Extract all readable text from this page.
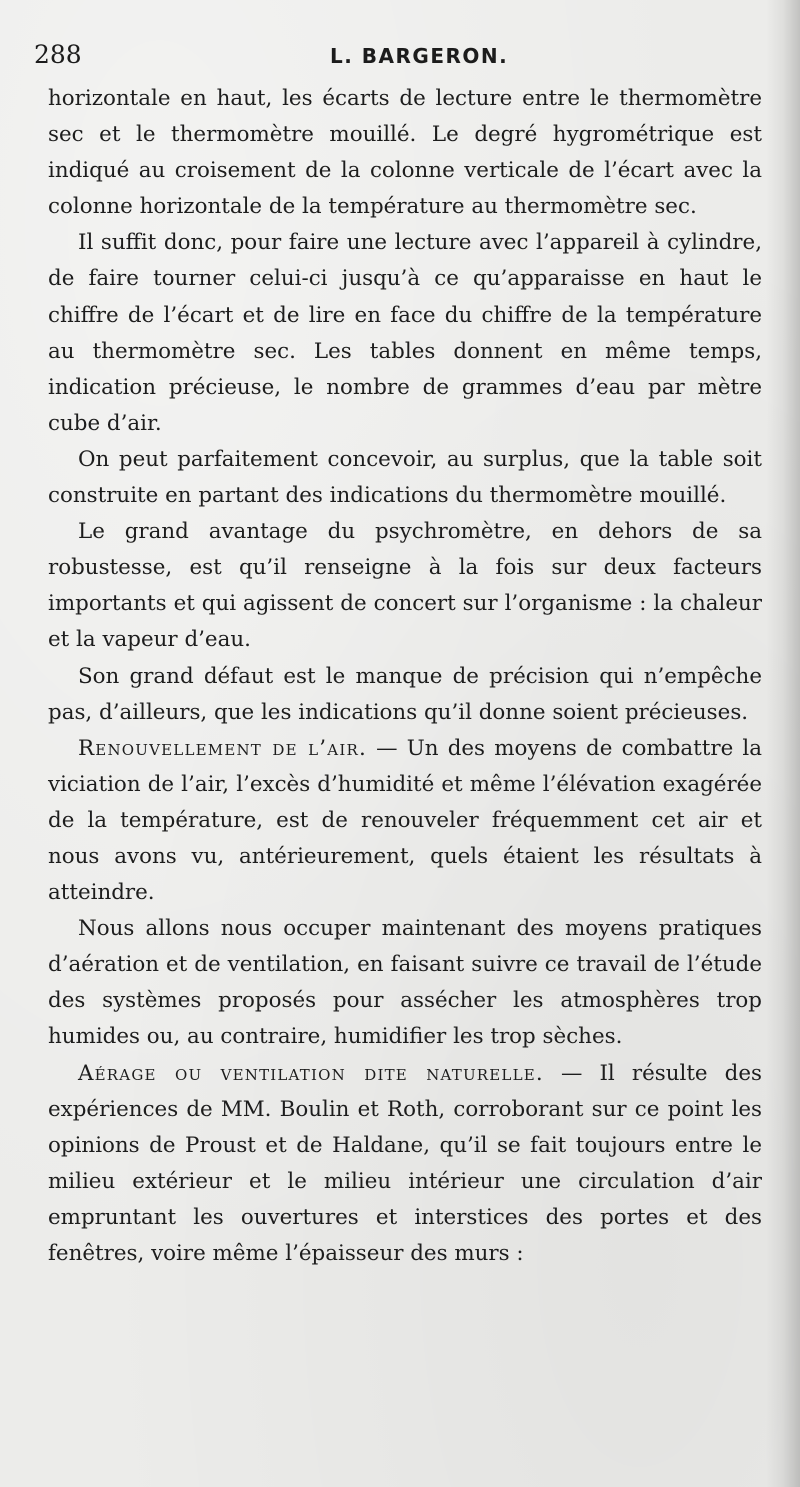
288	L. BARGERON.

horizontale en haut, les écarts de lecture entre le thermomètre sec et le thermomètre mouillé. Le degré hygrométrique est indiqué au croisement de la colonne verticale de l’écart avec la colonne horizontale de la température au thermomètre sec.

Il suffit donc, pour faire une lecture avec l’appareil à cylindre, de faire tourner celui-ci jusqu’à ce qu’apparaisse en haut le chiffre de l’écart et de lire en face du chiffre de la température au thermomètre sec. Les tables donnent en même temps, indication précieuse, le nombre de grammes d’eau par mètre cube d’air.

On peut parfaitement concevoir, au surplus, que la table soit construite en partant des indications du thermomètre mouillé.

Le grand avantage du psychromètre, en dehors de sa robustesse, est qu’il renseigne à la fois sur deux facteurs importants et qui agissent de concert sur l’organisme : la chaleur et la vapeur d’eau.

Son grand défaut est le manque de précision qui n’empêche pas, d’ailleurs, que les indications qu’il donne soient précieuses.

Renouvellement de l’air. — Un des moyens de combattre la viciation de l’air, l’excès d’humidité et même l’élévation exagérée de la température, est de renouveler fréquemment cet air et nous avons vu, antérieurement, quels étaient les résultats à atteindre.

Nous allons nous occuper maintenant des moyens pratiques d’aération et de ventilation, en faisant suivre ce travail de l’étude des systèmes proposés pour assécher les atmosphères trop humides ou, au contraire, humidifier les trop sèches.

Aérage ou ventilation dite naturelle. — Il résulte des expériences de MM. Boulin et Roth, corroborant sur ce point les opinions de Proust et de Haldane, qu’il se fait toujours entre le milieu extérieur et le milieu intérieur une circulation d’air empruntant les ouvertures et interstices des portes et des fenêtres, voire même l’épaisseur des murs :
